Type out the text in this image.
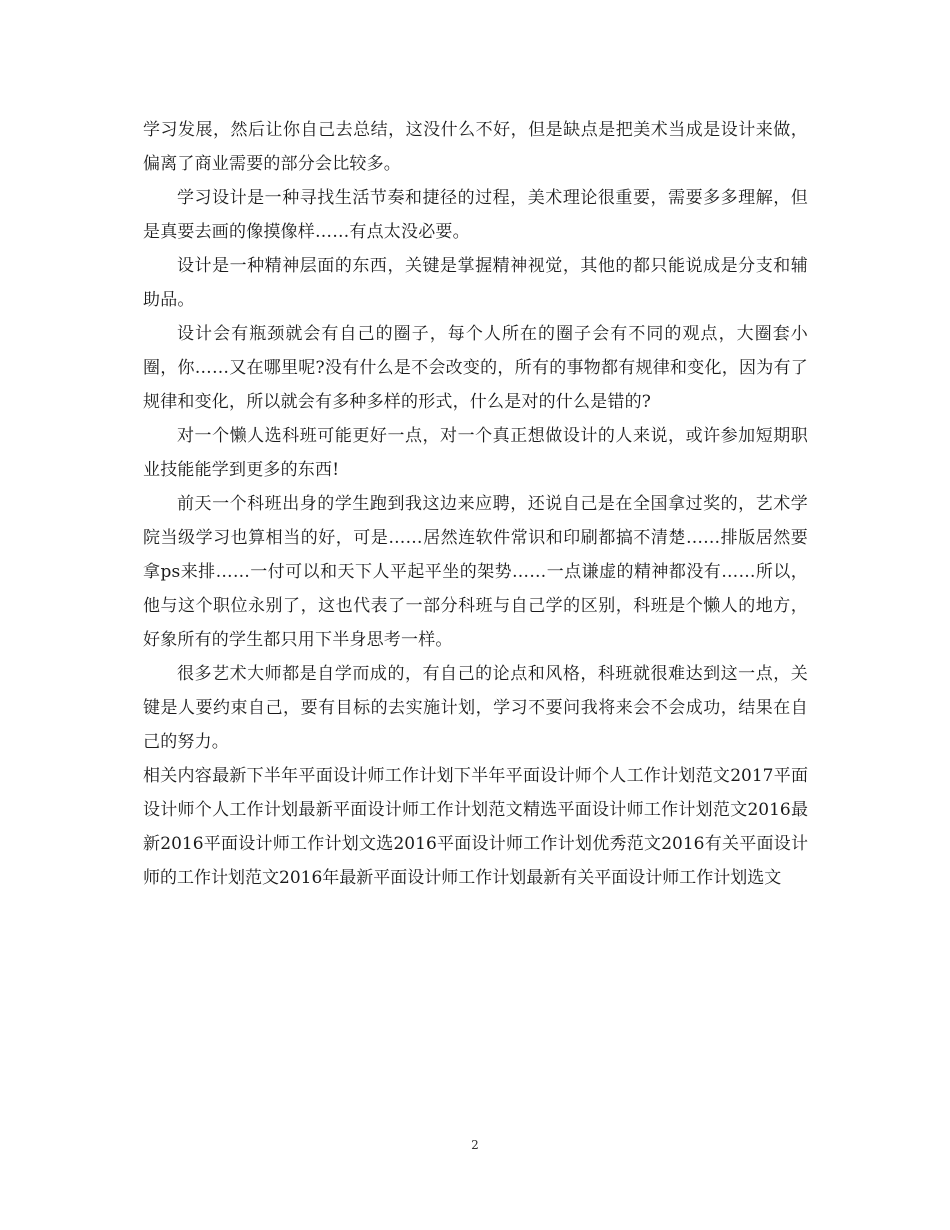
学习发展，然后让你自己去总结，这没什么不好，但是缺点是把美术当成是设计来做，偏离了商业需要的部分会比较多。

学习设计是一种寻找生活节奏和捷径的过程，美术理论很重要，需要多多理解，但是真要去画的像摸像样……有点太没必要。

设计是一种精神层面的东西，关键是掌握精神视觉，其他的都只能说成是分支和辅助品。

设计会有瓶颈就会有自己的圈子，每个人所在的圈子会有不同的观点，大圈套小圈，你……又在哪里呢?没有什么是不会改变的，所有的事物都有规律和变化，因为有了规律和变化，所以就会有多种多样的形式，什么是对的什么是错的?

对一个懒人选科班可能更好一点，对一个真正想做设计的人来说，或许参加短期职业技能能学到更多的东西!

前天一个科班出身的学生跑到我这边来应聘，还说自己是在全国拿过奖的，艺术学院当级学习也算相当的好，可是……居然连软件常识和印刷都搞不清楚……排版居然要拿ps来排……一付可以和天下人平起平坐的架势……一点谦虚的精神都没有……所以，他与这个职位永别了，这也代表了一部分科班与自己学的区别，科班是个懒人的地方，好象所有的学生都只用下半身思考一样。

很多艺术大师都是自学而成的，有自己的论点和风格，科班就很难达到这一点，关键是人要约束自己，要有目标的去实施计划，学习不要问我将来会不会成功，结果在自己的努力。

相关内容最新下半年平面设计师工作计划下半年平面设计师个人工作计划范文2017平面设计师个人工作计划最新平面设计师工作计划范文精选平面设计师工作计划范文2016最新2016平面设计师工作计划文选2016平面设计师工作计划优秀范文2016有关平面设计师的工作计划范文2016年最新平面设计师工作计划最新有关平面设计师工作计划选文

2
